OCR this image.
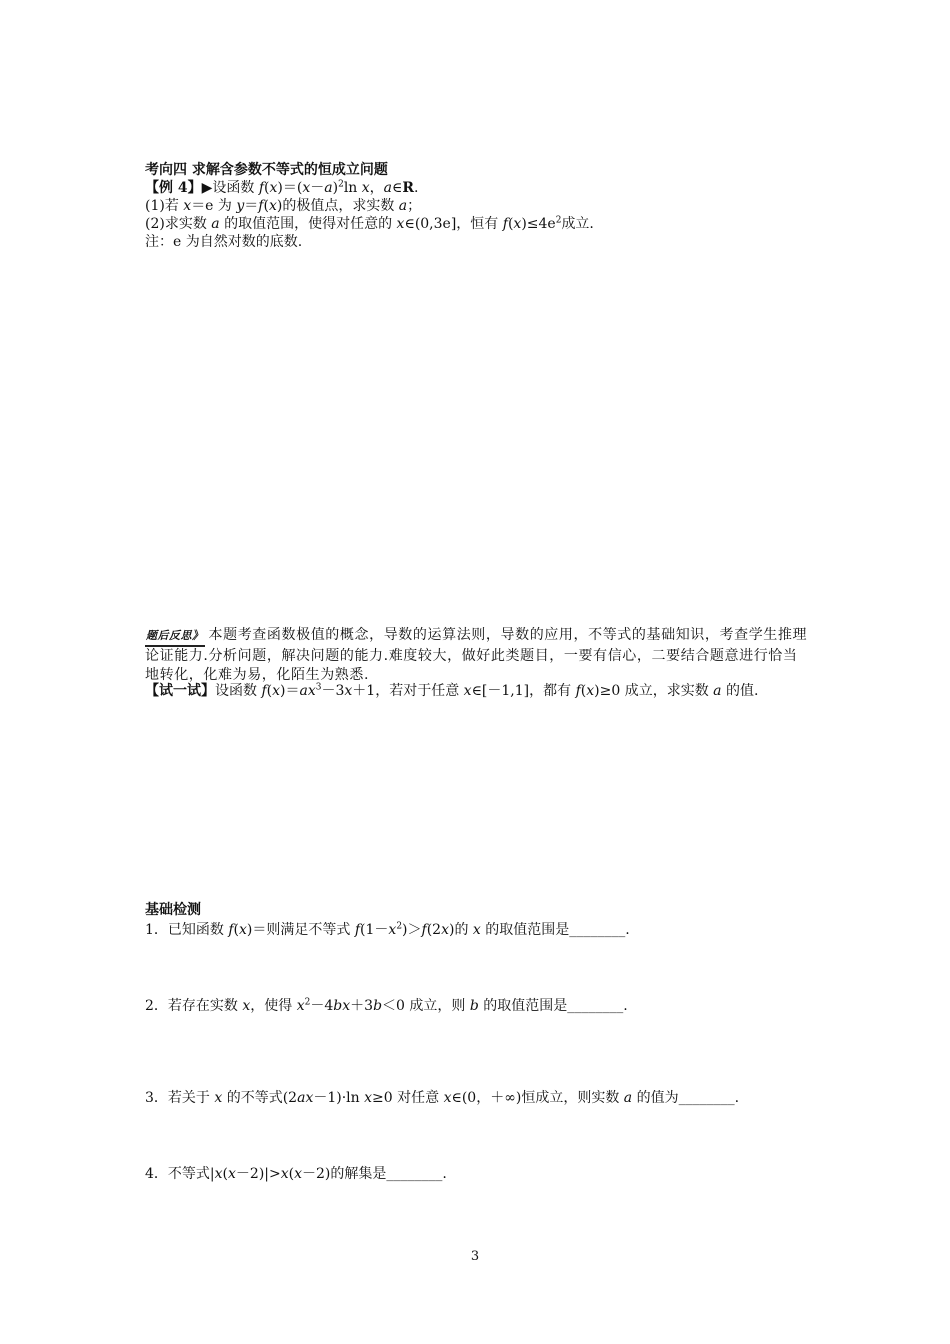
考向四 求解含参数不等式的恒成立问题
【例 4】▶设函数 $f(x)=(x-a)^2\ln$ x，a∈R.
(1)若 x＝e 为 y＝f(x)的极值点，求实数 a；
(2)求实数 a 的取值范围，使得对任意的 x∈(0,3e]，恒有 $f(x)\le 4e^2$成立.
注：e 为自然对数的底数.
题后反思》 本题考查函数极值的概念，导数的运算法则，导数的应用，不等式的基础知识，考查学生推理论证能力.分析问题，解决问题的能力.难度较大，做好此类题目，一要有信心，二要结合题意进行恰当地转化，化难为易，化陌生为熟悉.
【试一试】设函数 $f(x)=ax^3-3x+1$，若对于任意 x∈[－1,1]，都有 f(x)≥0 成立，求实数 a 的值.
基础检测
1．已知函数 f(x)＝则满足不等式 $f(1-x^2)>f(2x)$的 x 的取值范围是________.
2．若存在实数 x，使得 $x^2-4bx+3b<0$ 成立，则 b 的取值范围是________.
3．若关于 x 的不等式(2ax－1)·ln x≥0 对任意 x∈(0，＋∞)恒成立，则实数 a 的值为________.
4．不等式|x(x－2)|>x(x－2)的解集是________.
3
